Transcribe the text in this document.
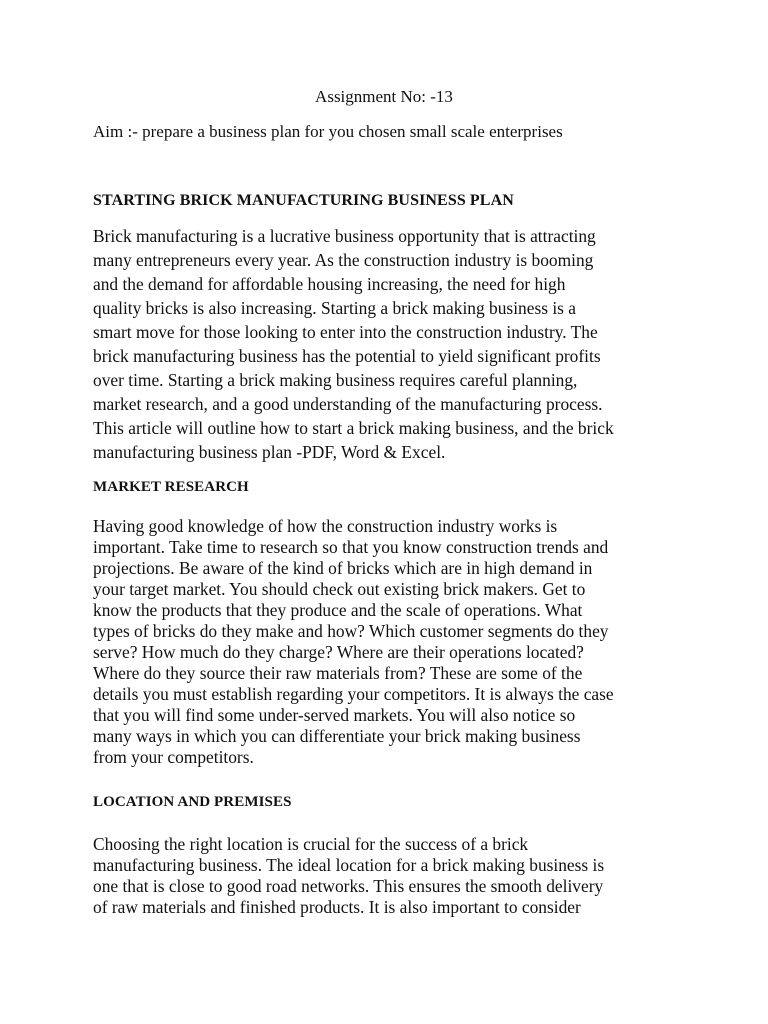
Assignment No: -13
Aim :- prepare a business plan for you chosen small scale enterprises
STARTING BRICK MANUFACTURING BUSINESS PLAN

Brick manufacturing is a lucrative business opportunity that is attracting
many entrepreneurs every year. As the construction industry is booming
and the demand for affordable housing increasing, the need for high
quality bricks is also increasing. Starting a brick making business is a
smart move for those looking to enter into the construction industry. The
brick manufacturing business has the potential to yield significant profits
over time. Starting a brick making business requires careful planning,
market research, and a good understanding of the manufacturing process.
This article will outline how to start a brick making business, and the brick
manufacturing business plan -PDF, Word & Excel.

MARKET RESEARCH

Having good knowledge of how the construction industry works is
important. Take time to research so that you know construction trends and
projections. Be aware of the kind of bricks which are in high demand in
your target market. You should check out existing brick makers. Get to
know the products that they produce and the scale of operations. What
types of bricks do they make and how? Which customer segments do they
serve? How much do they charge? Where are their operations located?
Where do they source their raw materials from? These are some of the
details you must establish regarding your competitors. It is always the case
that you will find some under-served markets. You will also notice so
many ways in which you can differentiate your brick making business
from your competitors.

LOCATION AND PREMISES

Choosing the right location is crucial for the success of a brick
manufacturing business. The ideal location for a brick making business is
one that is close to good road networks. This ensures the smooth delivery
of raw materials and finished products. It is also important to consider
